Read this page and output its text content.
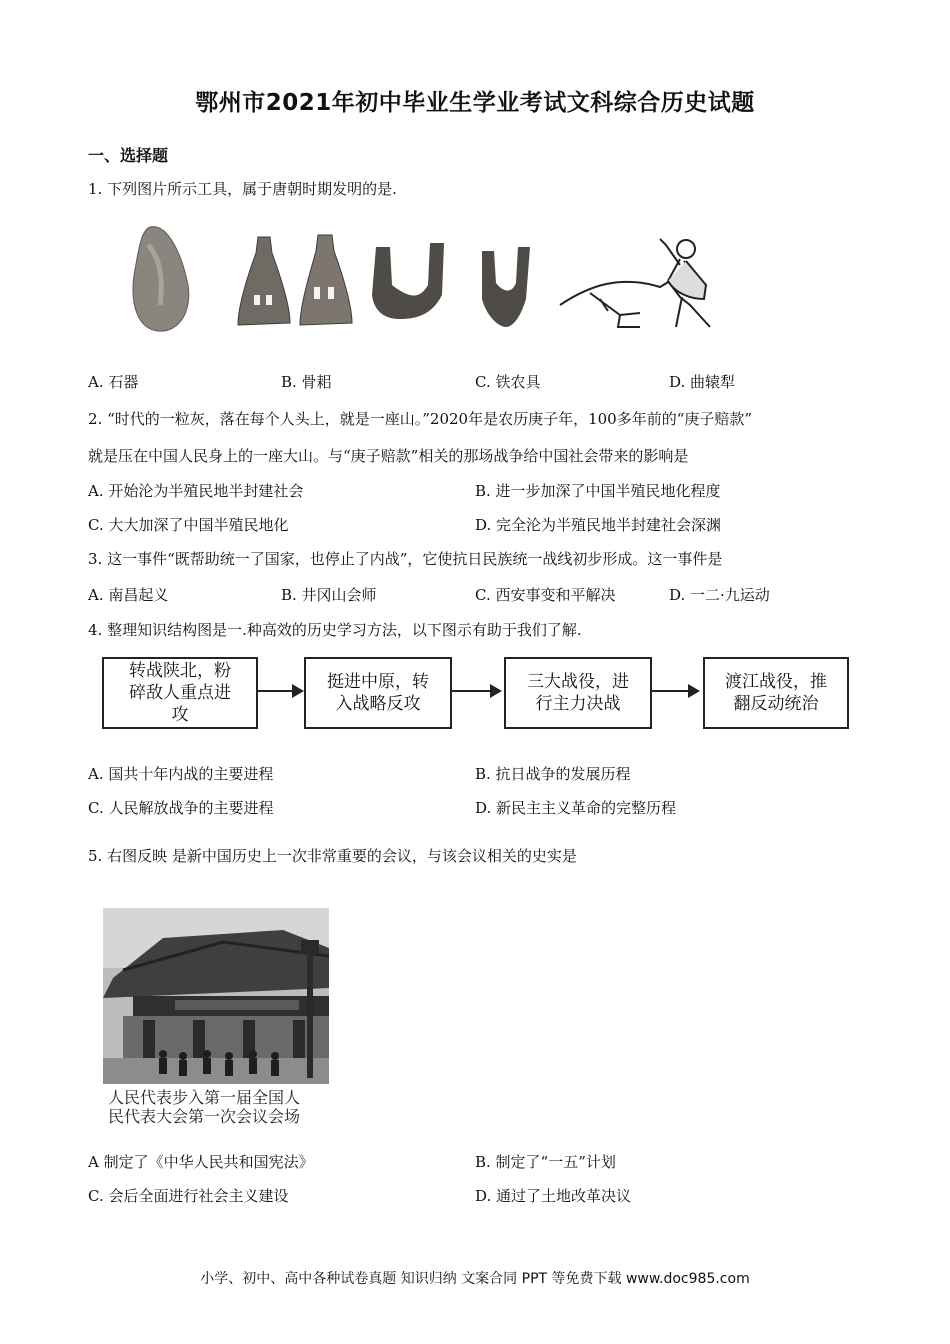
鄂州市2021年初中毕业生学业考试文科综合历史试题
一、选择题
1. 下列图片所示工具，属于唐朝时期发明的是.
A. 石器	B. 骨耜	C. 铁农具	D. 曲辕犁
2. “时代的一粒灰，落在每个人头上，就是一座山。”2020年是农历庚子年，100多年前的“庚子赔款”
就是压在中国人民身上的一座大山。与“庚子赔款”相关的那场战争给中国社会带来的影响是
A. 开始沦为半殖民地半封建社会	B. 进一步加深了中国半殖民地化程度
C. 大大加深了中国半殖民地化	D. 完全沦为半殖民地半封建社会深渊
3. 这一事件“既帮助统一了国家，也停止了内战”，它使抗日民族统一战线初步形成。这一事件是
A. 南昌起义	B. 井冈山会师	C. 西安事变和平解决	D. 一二·九运动
4. 整理知识结构图是一.种高效的历史学习方法，以下图示有助于我们了解.
转战陕北，粉碎敌人重点进攻
挺进中原，转入战略反攻
三大战役，进行主力决战
渡江战役，推翻反动统治
A. 国共十年内战的主要进程	B. 抗日战争的发展历程
C. 人民解放战争的主要进程	D. 新民主主义革命的完整历程
5. 右图反映 是新中国历史上一次非常重要的会议，与该会议相关的史实是
人民代表步入第一届全国人
民代表大会第一次会议会场
A 制定了《中华人民共和国宪法》	B. 制定了“一五”计划
C. 会后全面进行社会主义建设	D. 通过了土地改革决议
小学、初中、高中各种试卷真题 知识归纳 文案合同 PPT 等免费下载 www.doc985.com
